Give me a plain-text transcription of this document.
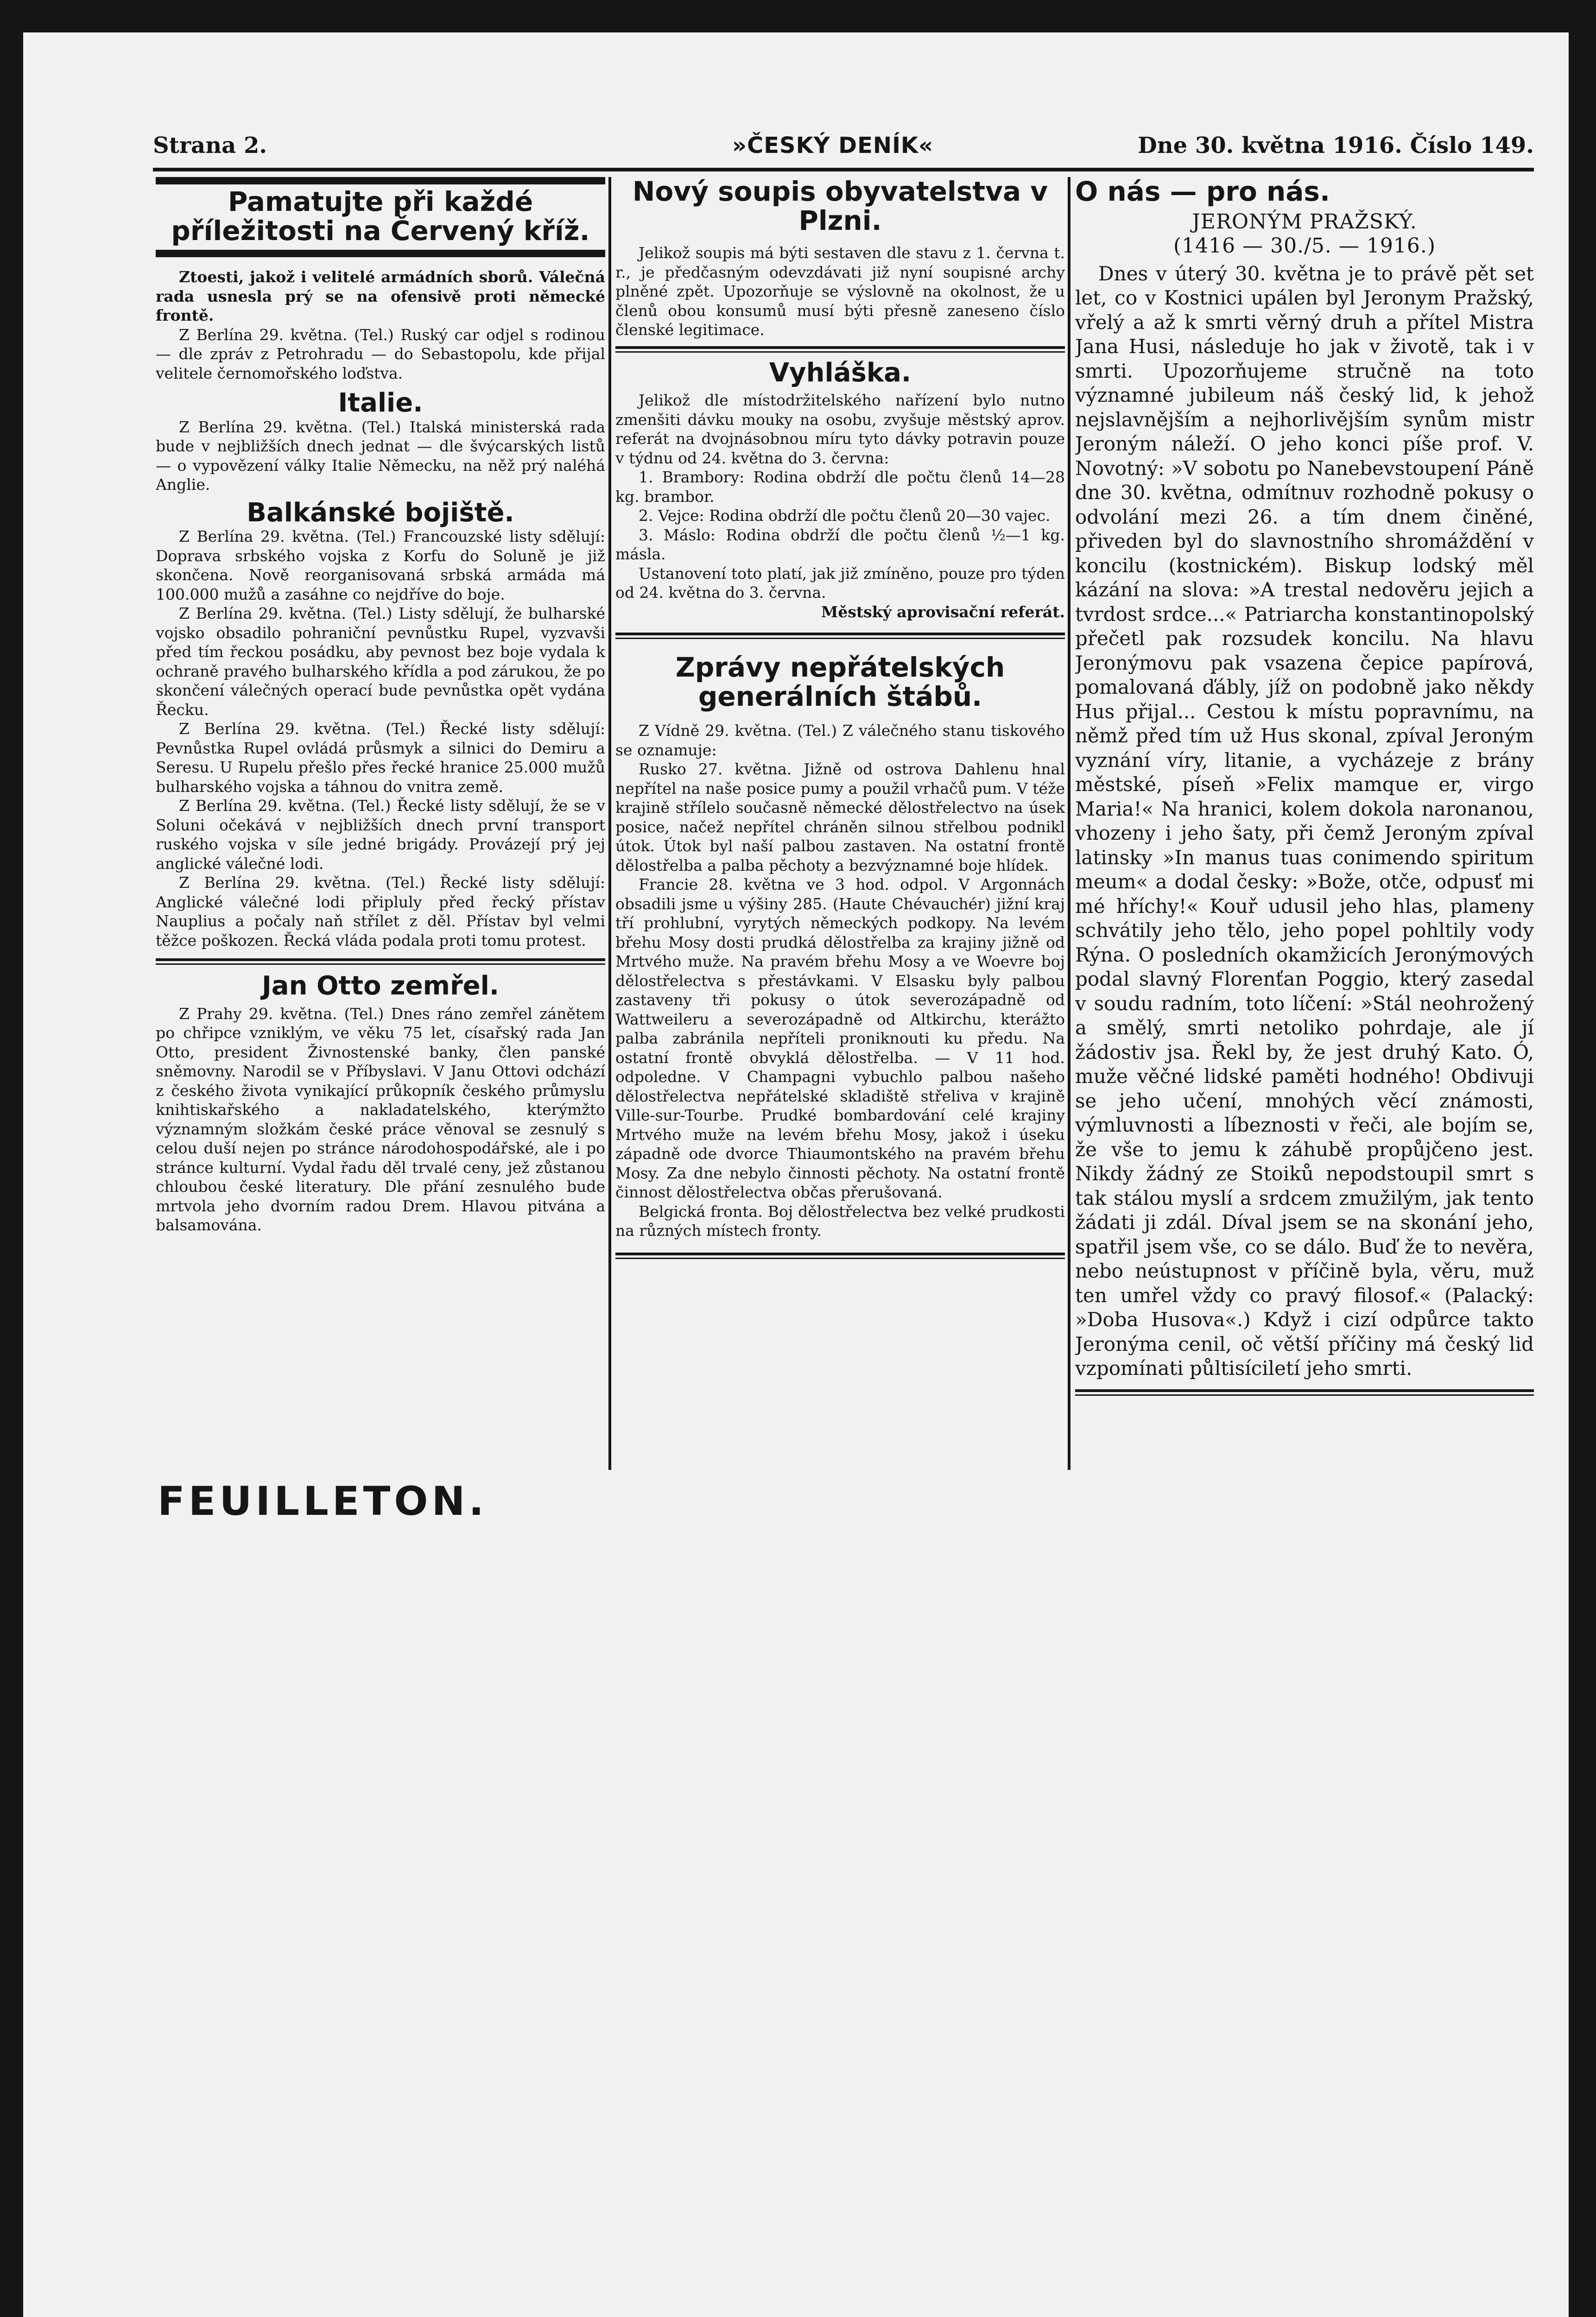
Strana 2.	»ČESKÝ DENÍK«	Dne 30. května 1916. Číslo 149.

Pamatujte při každé příležitosti na Červený kříž.

Ztoesti, jakož i velitelé armádních sborů. Válečná rada usnesla prý se na ofensivě proti německé frontě.

Z Berlína 29. května. (Tel.) Ruský car odjel s rodinou — dle zpráv z Petrohradu — do Sebastopolu, kde přijal velitele černomořského loďstva.

Italie.

Z Berlína 29. května. (Tel.) Italská ministerská rada bude v nejbližších dnech jednat — dle švýcarských listů — o vypovězení války Italie Německu, na něž prý naléhá Anglie.

Balkánské bojiště.

Z Berlína 29. května. (Tel.) Francouzské listy sdělují: Doprava srbského vojska z Korfu do Soluně je již skončena. Nově reorganisovaná srbská armáda má 100.000 mužů a zasáhne co nejdříve do boje.

Z Berlína 29. května. (Tel.) Listy sdělují, že bulharské vojsko obsadilo pohraniční pevnůstku Rupel, vyzvavši před tím řeckou posádku, aby pevnost bez boje vydala k ochraně pravého bulharského křídla a pod zárukou, že po skončení válečných operací bude pevnůstka opět vydána Řecku.

Z Berlína 29. května. (Tel.) Řecké listy sdělují: Pevnůstka Rupel ovládá průsmyk a silnici do Demiru a Seresu. U Rupelu přešlo přes řecké hranice 25.000 mužů bulharského vojska a táhnou do vnitra země.

Z Berlína 29. května. (Tel.) Řecké listy sdělují, že se v Soluni očekává v nejbližších dnech první transport ruského vojska v síle jedné brigády. Provázejí prý jej anglické válečné lodi.

Z Berlína 29. května. (Tel.) Řecké listy sdělují: Anglické válečné lodi připluly před řecký přístav Nauplius a počaly naň střílet z děl. Přístav byl velmi těžce poškozen. Řecká vláda podala proti tomu protest.

Jan Otto zemřel.

Z Prahy 29. května. (Tel.) Dnes ráno zemřel zánětem po chřipce vzniklým, ve věku 75 let, císařský rada Jan Otto, president Živnostenské banky, člen panské sněmovny. Narodil se v Příbyslavi. V Janu Ottovi odchází z českého života vynikající průkopník českého průmyslu knihtiskařského a nakladatelského, kterýmžto významným složkám české práce věnoval se zesnulý s celou duší nejen po stránce národohospodářské, ale i po stránce kulturní. Vydal řadu děl trvalé ceny, jež zůstanou chloubou české literatury. Dle přání zesnulého bude mrtvola jeho dvorním radou Drem. Hlavou pitvána a balsamována.

Nový soupis obyvatelstva v Plzni.

Jelikož soupis má býti sestaven dle stavu z 1. června t. r., je předčasným odevzdávati již nyní soupisné archy plněné zpět. Upozorňuje se výslovně na okolnost, že u členů obou konsumů musí býti přesně zaneseno číslo členské legitimace.

Vyhláška.

Jelikož dle místodržitelského nařízení bylo nutno zmenšiti dávku mouky na osobu, zvyšuje městský aprov. referát na dvojnásobnou míru tyto dávky potravin pouze v týdnu od 24. května do 3. června:

1. Brambory: Rodina obdrží dle počtu členů 14—28 kg. brambor.

2. Vejce: Rodina obdrží dle počtu členů 20—30 vajec.

3. Máslo: Rodina obdrží dle počtu členů ½—1 kg. másla.

Ustanovení toto platí, jak již zmíněno, pouze pro týden od 24. května do 3. června.

Městský aprovisační referát.

Zprávy nepřátelských generálních štábů.

Z Vídně 29. května. (Tel.) Z válečného stanu tiskového se oznamuje:

Rusko 27. května. Jižně od ostrova Dahlenu hnal nepřítel na naše posice pumy a použil vrhačů pum. V téže krajině střílelo současně německé dělostřelectvo na úsek posice, načež nepřítel chráněn silnou střelbou podnikl útok. Útok byl naší palbou zastaven. Na ostatní frontě dělostřelba a palba pěchoty a bezvýznamné boje hlídek.

Francie 28. května ve 3 hod. odpol. V Argonnách obsadili jsme u výšiny 285. (Haute Chévauchér) jižní kraj tří prohlubní, vyrytých německých podkopy. Na levém břehu Mosy dosti prudká dělostřelba za krajiny jižně od Mrtvého muže. Na pravém břehu Mosy a ve Woevre boj dělostřelectva s přestávkami. V Elsasku byly palbou zastaveny tři pokusy o útok severozápadně od Wattweileru a severozápadně od Altkirchu, kterážto palba zabránila nepříteli proniknouti ku předu. Na ostatní frontě obvyklá dělostřelba. — V 11 hod. odpoledne. V Champagni vybuchlo palbou našeho dělostřelectva nepřátelské skladiště střeliva v krajině Ville-sur-Tourbe. Prudké bombardování celé krajiny Mrtvého muže na levém břehu Mosy, jakož i úseku západně ode dvorce Thiaumontského na pravém břehu Mosy. Za dne nebylo činnosti pěchoty. Na ostatní frontě činnost dělostřelectva občas přerušovaná.

Belgická fronta. Boj dělostřelectva bez velké prudkosti na různých místech fronty.

O nás — pro nás.

JERONÝM PRAŽSKÝ.

(1416 — 30./5. — 1916.)

Dnes v úterý 30. května je to právě pět set let, co v Kostnici upálen byl Jeronym Pražský, vřelý a až k smrti věrný druh a přítel Mistra Jana Husi, následuje ho jak v životě, tak i v smrti. Upozorňujeme stručně na toto významné jubileum náš český lid, k jehož nejslavnějším a nejhorlivějším synům mistr Jeroným náleží. O jeho konci píše prof. V. Novotný: »V sobotu po Nanebevstoupení Páně dne 30. května, odmítnuv rozhodně pokusy o odvolání mezi 26. a tím dnem činěné, přiveden byl do slavnostního shromáždění v koncilu (kostnickém). Biskup lodský měl kázání na slova: »A trestal nedověru jejich a tvrdost srdce...« Patriarcha konstantinopolský přečetl pak rozsudek koncilu. Na hlavu Jeronýmovu pak vsazena čepice papírová, pomalovaná ďábly, jíž on podobně jako někdy Hus přijal... Cestou k místu popravnímu, na němž před tím už Hus skonal, zpíval Jeroným vyznání víry, litanie, a vycházeje z brány městské, píseň »Felix mamque er, virgo Maria!« Na hranici, kolem dokola naronanou, vhozeny i jeho šaty, při čemž Jeroným zpíval latinsky »In manus tuas conimendo spiritum meum« a dodal česky: »Bože, otče, odpusť mi mé hříchy!« Kouř udusil jeho hlas, plameny schvátily jeho tělo, jeho popel pohltily vody Rýna. O posledních okamžicích Jeronýmových podal slavný Florenťan Poggio, který zasedal v soudu radním, toto líčení: »Stál neohrožený a smělý, smrti netoliko pohrdaje, ale jí žádostiv jsa. Řekl by, že jest druhý Kato. Ó, muže věčné lidské paměti hodného! Obdivuji se jeho učení, mnohých věcí známosti, výmluvnosti a líbeznosti v řeči, ale bojím se, že vše to jemu k záhubě propůjčeno jest. Nikdy žádný ze Stoiků nepodstoupil smrt s tak stálou myslí a srdcem zmužilým, jak tento žádati ji zdál. Díval jsem se na skonání jeho, spatřil jsem vše, co se dálo. Buď že to nevěra, nebo neústupnost v příčině byla, věru, muž ten umřel vždy co pravý filosof.« (Palacký: »Doba Husova«.) Když i cizí odpůrce takto Jeronýma cenil, oč větší příčiny má český lid vzpomínati půltisíciletí jeho smrti.

FEUILLETON.
